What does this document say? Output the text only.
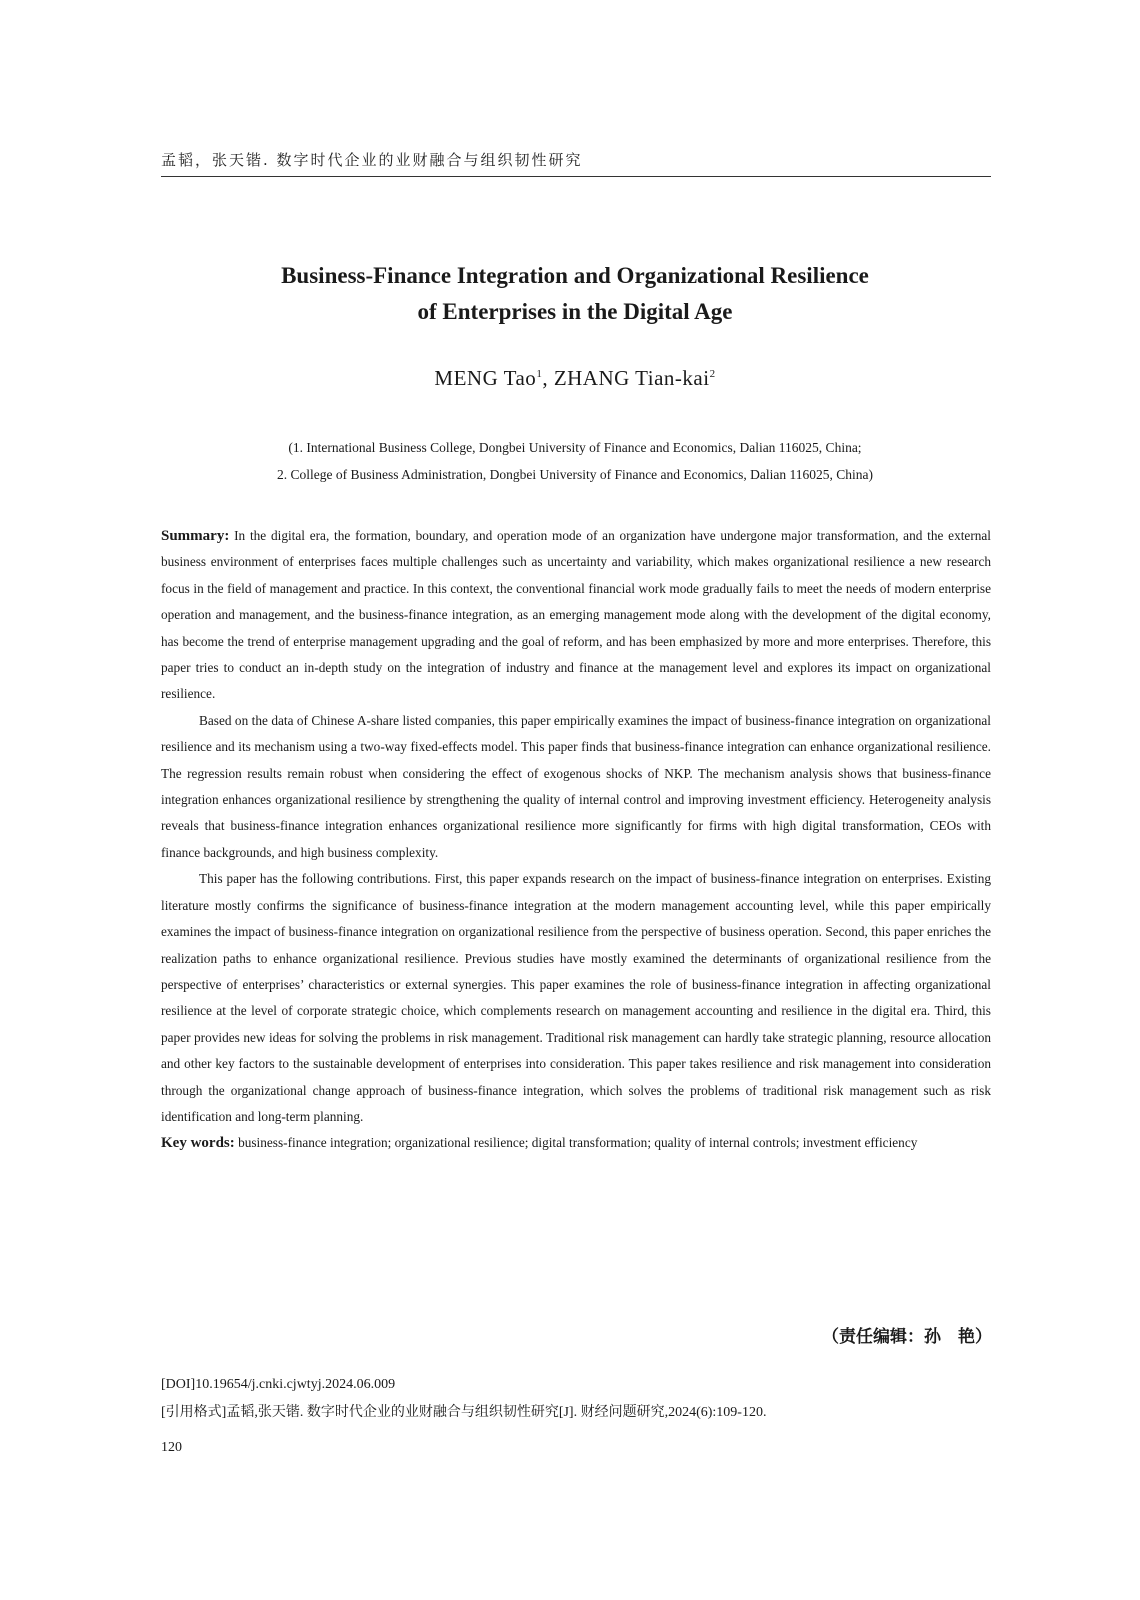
孟韬，张天锴. 数字时代企业的业财融合与组织韧性研究
Business-Finance Integration and Organizational Resilience
of Enterprises in the Digital Age
MENG Tao$^1$, ZHANG Tian-kai$^2$
(1. International Business College, Dongbei University of Finance and Economics, Dalian 116025, China;
2. College of Business Administration, Dongbei University of Finance and Economics, Dalian 116025, China)

Summary: In the digital era, the formation, boundary, and operation mode of an organization have undergone major transformation, and the external business environment of enterprises faces multiple challenges such as uncertainty and variability, which makes organizational resilience a new research focus in the field of management and practice. In this context, the conventional financial work mode gradually fails to meet the needs of modern enterprise operation and management, and the business-finance integration, as an emerging management mode along with the development of the digital economy, has become the trend of enterprise management upgrading and the goal of reform, and has been emphasized by more and more enterprises. Therefore, this paper tries to conduct an in-depth study on the integration of industry and finance at the management level and explores its impact on organizational resilience.

Based on the data of Chinese A-share listed companies, this paper empirically examines the impact of business-finance integration on organizational resilience and its mechanism using a two-way fixed-effects model. This paper finds that business-finance integration can enhance organizational resilience. The regression results remain robust when considering the effect of exogenous shocks of NKP. The mechanism analysis shows that business-finance integration enhances organizational resilience by strengthening the quality of internal control and improving investment efficiency. Heterogeneity analysis reveals that business-finance integration enhances organizational resilience more significantly for firms with high digital transformation, CEOs with finance backgrounds, and high business complexity.

This paper has the following contributions. First, this paper expands research on the impact of business-finance integration on enterprises. Existing literature mostly confirms the significance of business-finance integration at the modern management accounting level, while this paper empirically examines the impact of business-finance integration on organizational resilience from the perspective of business operation. Second, this paper enriches the realization paths to enhance organizational resilience. Previous studies have mostly examined the determinants of organizational resilience from the perspective of enterprises’ characteristics or external synergies. This paper examines the role of business-finance integration in affecting organizational resilience at the level of corporate strategic choice, which complements research on management accounting and resilience in the digital era. Third, this paper provides new ideas for solving the problems in risk management. Traditional risk management can hardly take strategic planning, resource allocation and other key factors to the sustainable development of enterprises into consideration. This paper takes resilience and risk management into consideration through the organizational change approach of business-finance integration, which solves the problems of traditional risk management such as risk identification and long-term planning.

Key words: business-finance integration; organizational resilience; digital transformation; quality of internal controls; investment efficiency

（责任编辑：孙　艳）
[DOI]10.19654/j.cnki.cjwtyj.2024.06.009
[引用格式]孟韬,张天锴. 数字时代企业的业财融合与组织韧性研究[J]. 财经问题研究,2024(6):109-120.
120
